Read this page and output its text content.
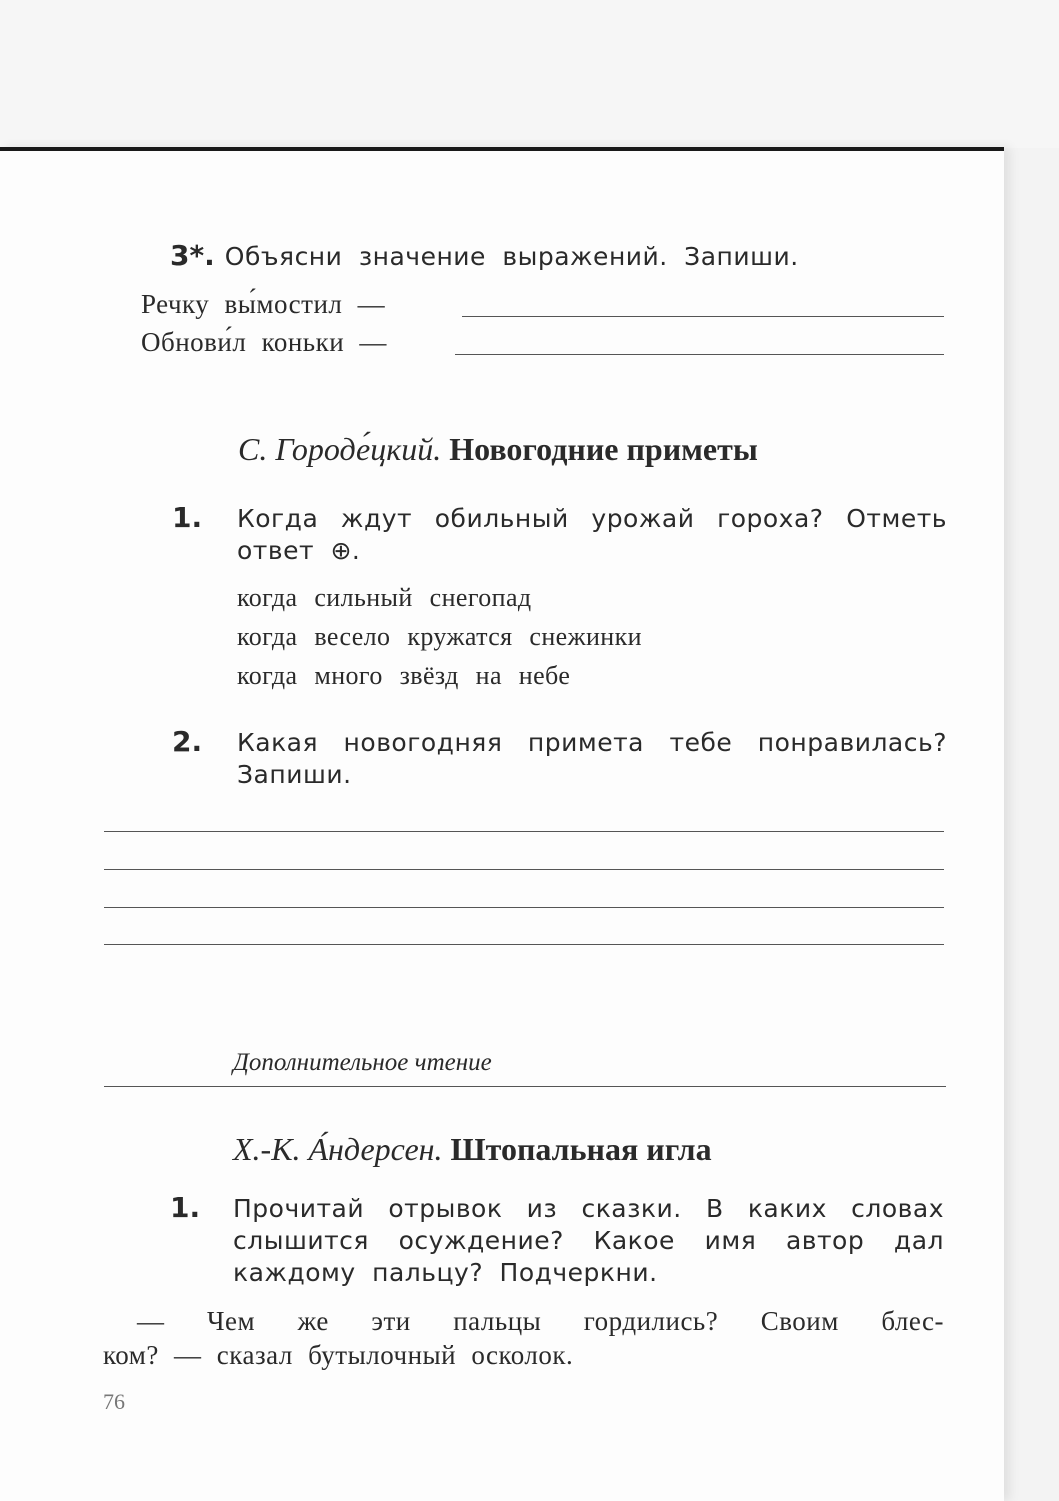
3*. Объясни значение выражений. Запиши.
Речку вы́мостил —
Обнови́л коньки —
С. Городе́цкий. Новогодние приметы
1. Когда ждут обильный урожай гороха? Отметь
ответ ⊕.
когда сильный снегопад
когда весело кружатся снежинки
когда много звёзд на небе
2. Какая новогодняя примета тебе понравилась?
Запиши.
Дополнительное чтение
Х.-К. А́ндерсен. Штопальная игла
1. Прочитай отрывок из сказки. В каких словах
слышится осуждение? Какое имя автор дал
каждому пальцу? Подчеркни.
— Чем же эти пальцы гордились? Своим блес-
ком? — сказал бутылочный осколок.
76
